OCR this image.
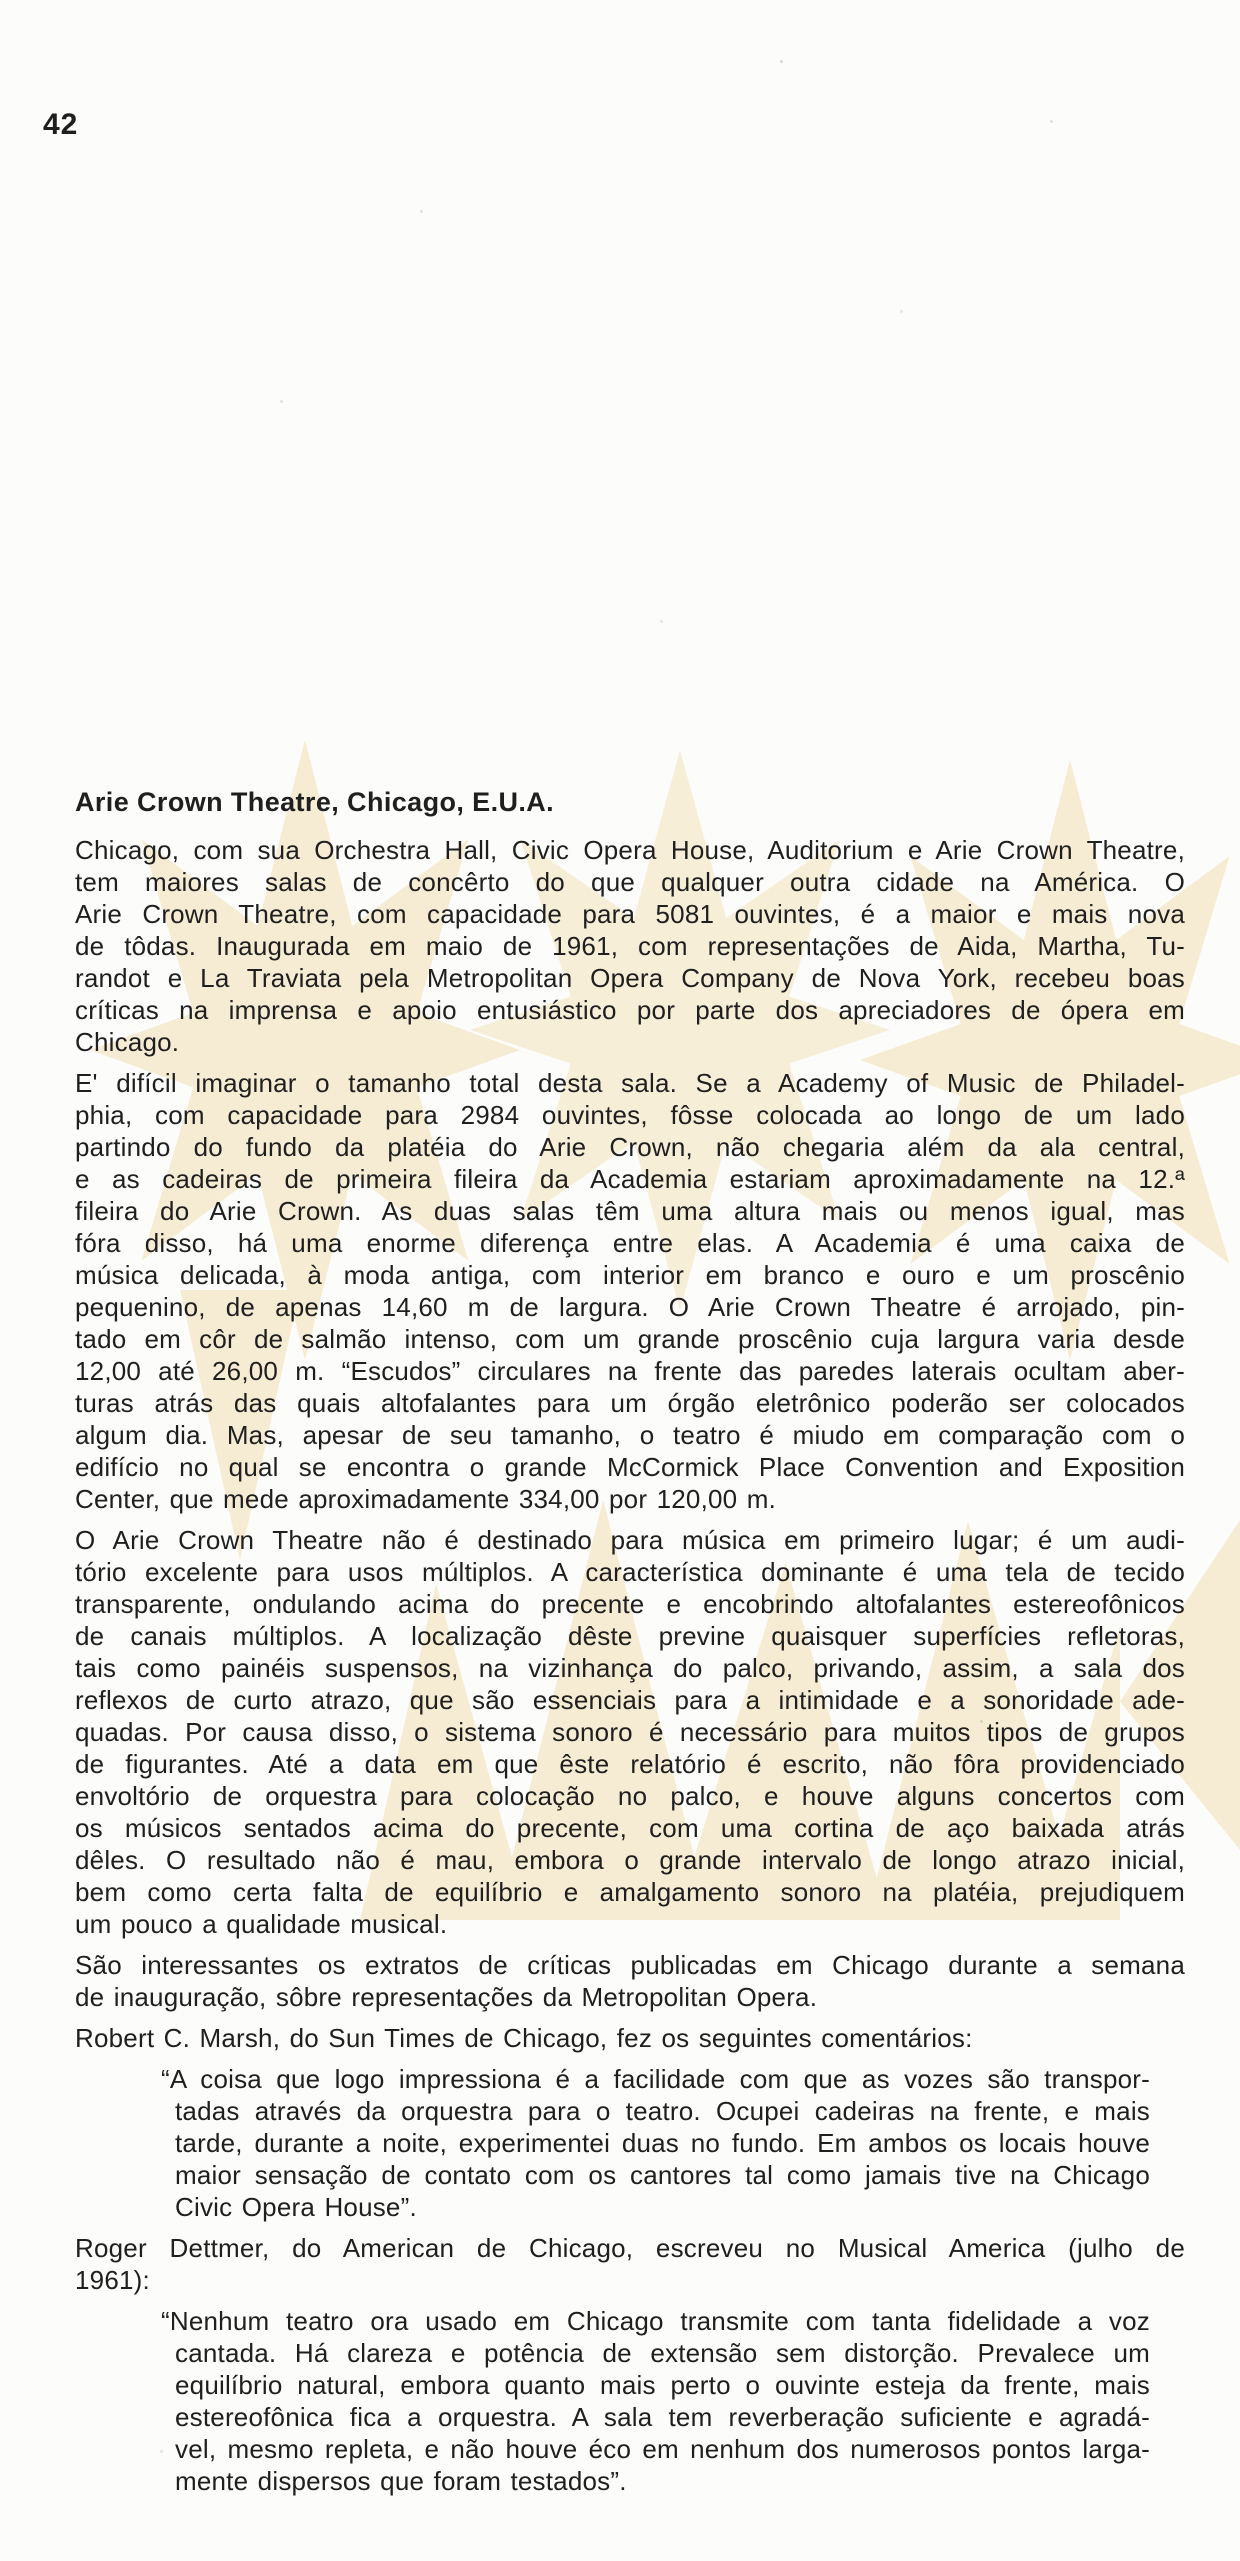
42
Arie Crown Theatre, Chicago, E.U.A.
Chicago, com sua Orchestra Hall, Civic Opera House, Auditorium e Arie Crown Theatre,
tem maiores salas de concêrto do que qualquer outra cidade na América. O
Arie Crown Theatre, com capacidade para 5081 ouvintes, é a maior e mais nova
de tôdas. Inaugurada em maio de 1961, com representações de Aida, Martha, Tu-
randot e La Traviata pela Metropolitan Opera Company de Nova York, recebeu boas
críticas na imprensa e apoio entusiástico por parte dos apreciadores de ópera em
Chicago.
E' difícil imaginar o tamanho total desta sala. Se a Academy of Music de Philadel-
phia, com capacidade para 2984 ouvintes, fôsse colocada ao longo de um lado
partindo do fundo da platéia do Arie Crown, não chegaria além da ala central,
e as cadeiras de primeira fileira da Academia estariam aproximadamente na 12.ª
fileira do Arie Crown. As duas salas têm uma altura mais ou menos igual, mas
fóra disso, há uma enorme diferença entre elas. A Academia é uma caixa de
música delicada, à moda antiga, com interior em branco e ouro e um proscênio
pequenino, de apenas 14,60 m de largura. O Arie Crown Theatre é arrojado, pin-
tado em côr de salmão intenso, com um grande proscênio cuja largura varia desde
12,00 até 26,00 m. “Escudos” circulares na frente das paredes laterais ocultam aber-
turas atrás das quais altofalantes para um órgão eletrônico poderão ser colocados
algum dia. Mas, apesar de seu tamanho, o teatro é miudo em comparação com o
edifício no qual se encontra o grande McCormick Place Convention and Exposition
Center, que mede aproximadamente 334,00 por 120,00 m.
O Arie Crown Theatre não é destinado para música em primeiro lugar; é um audi-
tório excelente para usos múltiplos. A característica dominante é uma tela de tecido
transparente, ondulando acima do precente e encobrindo altofalantes estereofônicos
de canais múltiplos. A localização dêste previne quaisquer superfícies refletoras,
tais como painéis suspensos, na vizinhança do palco, privando, assim, a sala dos
reflexos de curto atrazo, que são essenciais para a intimidade e a sonoridade ade-
quadas. Por causa disso, o sistema sonoro é necessário para muitos tipos de grupos
de figurantes. Até a data em que êste relatório é escrito, não fôra providenciado
envoltório de orquestra para colocação no palco, e houve alguns concertos com
os músicos sentados acima do precente, com uma cortina de aço baixada atrás
dêles. O resultado não é mau, embora o grande intervalo de longo atrazo inicial,
bem como certa falta de equilíbrio e amalgamento sonoro na platéia, prejudiquem
um pouco a qualidade musical.
São interessantes os extratos de críticas publicadas em Chicago durante a semana
de inauguração, sôbre representações da Metropolitan Opera.
Robert C. Marsh, do Sun Times de Chicago, fez os seguintes comentários:
“A coisa que logo impressiona é a facilidade com que as vozes são transpor-
tadas através da orquestra para o teatro. Ocupei cadeiras na frente, e mais
tarde, durante a noite, experimentei duas no fundo. Em ambos os locais houve
maior sensação de contato com os cantores tal como jamais tive na Chicago
Civic Opera House”.
Roger Dettmer, do American de Chicago, escreveu no Musical America (julho de
1961):
“Nenhum teatro ora usado em Chicago transmite com tanta fidelidade a voz
cantada. Há clareza e potência de extensão sem distorção. Prevalece um
equilíbrio natural, embora quanto mais perto o ouvinte esteja da frente, mais
estereofônica fica a orquestra. A sala tem reverberação suficiente e agradá-
vel, mesmo repleta, e não houve éco em nenhum dos numerosos pontos larga-
mente dispersos que foram testados”.
